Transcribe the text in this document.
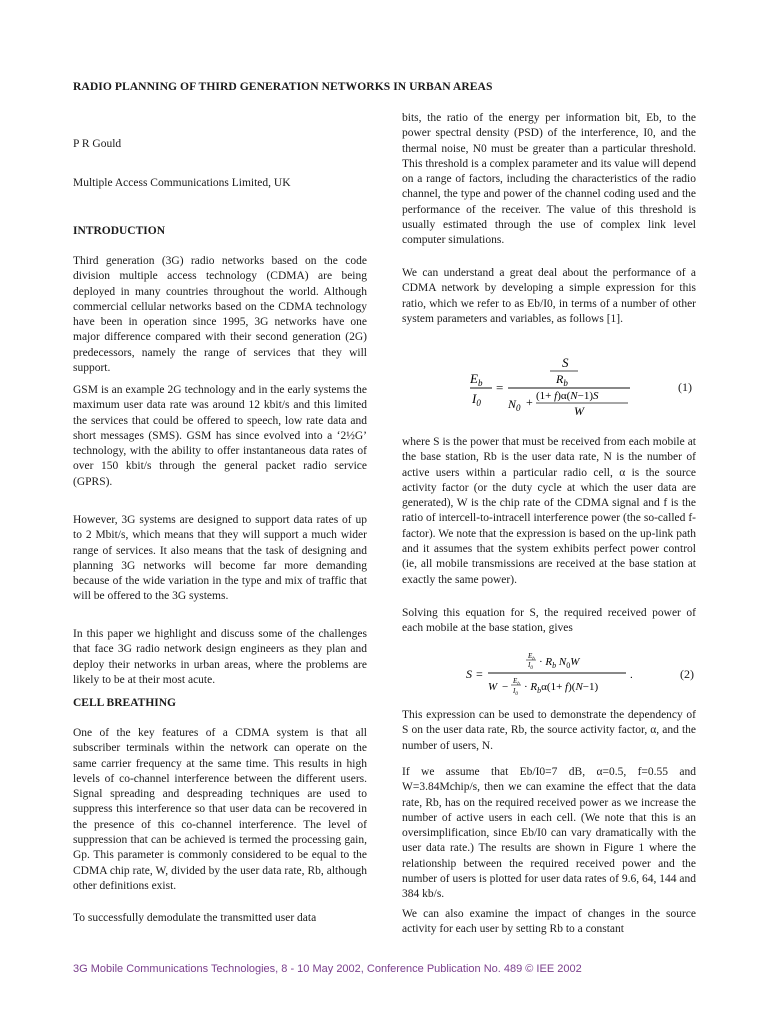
RADIO PLANNING OF THIRD GENERATION NETWORKS IN URBAN AREAS
P R Gould
Multiple Access Communications Limited, UK
INTRODUCTION

Third generation (3G) radio networks based on the code division multiple access technology (CDMA) are being deployed in many countries throughout the world. Although commercial cellular networks based on the CDMA technology have been in operation since 1995, 3G networks have one major difference compared with their second generation (2G) predecessors, namely the range of services that they will support.

GSM is an example 2G technology and in the early systems the maximum user data rate was around 12 kbit/s and this limited the services that could be offered to speech, low rate data and short messages (SMS). GSM has since evolved into a ‘2½G’ technology, with the ability to offer instantaneous data rates of over 150 kbit/s through the general packet radio service (GPRS).

However, 3G systems are designed to support data rates of up to 2 Mbit/s, which means that they will support a much wider range of services. It also means that the task of designing and planning 3G networks will become far more demanding because of the wide variation in the type and mix of traffic that will be offered to the 3G systems.

In this paper we highlight and discuss some of the challenges that face 3G radio network design engineers as they plan and deploy their networks in urban areas, where the problems are likely to be at their most acute.

CELL BREATHING

One of the key features of a CDMA system is that all subscriber terminals within the network can operate on the same carrier frequency at the same time. This results in high levels of co-channel interference between the different users. Signal spreading and despreading techniques are used to suppress this interference so that user data can be recovered in the presence of this co-channel interference. The level of suppression that can be achieved is termed the processing gain, Gp. This parameter is commonly considered to be equal to the CDMA chip rate, W, divided by the user data rate, Rb, although other definitions exist.

To successfully demodulate the transmitted user data

bits, the ratio of the energy per information bit, Eb, to the power spectral density (PSD) of the interference, I0, and the thermal noise, N0 must be greater than a particular threshold. This threshold is a complex parameter and its value will depend on a range of factors, including the characteristics of the radio channel, the type and power of the channel coding used and the performance of the receiver. The value of this threshold is usually estimated through the use of complex link level computer simulations.

We can understand a great deal about the performance of a CDMA network by developing a simple expression for this ratio, which we refer to as Eb/I0, in terms of a number of other system parameters and variables, as follows [1].

$E_b$
$I_0$
=
S
$R_b$
$N_0 + (1+ f)\alpha(N-1)S$
W
(1)

where S is the power that must be received from each mobile at the base station, Rb is the user data rate, N is the number of active users within a particular radio cell, α is the source activity factor (or the duty cycle at which the user data are generated), W is the chip rate of the CDMA signal and f is the ratio of intercell-to-intracell interference power (the so-called f-factor). We note that the expression is based on the up-link path and it assumes that the system exhibits perfect power control (ie, all mobile transmissions are received at the base station at exactly the same power).

Solving this equation for S, the required received power of each mobile at the base station, gives

S =
$E_b$
$I_0$
· $R_b$ $N_0W$
$W - E_b$
$I_0$
· $R_b\alpha(1+ f)(N-1)$
.	(2)

This expression can be used to demonstrate the dependency of S on the user data rate, Rb, the source activity factor, α, and the number of users, N.

If we assume that Eb/I0=7 dB, α=0.5, f=0.55 and W=3.84Mchip/s, then we can examine the effect that the data rate, Rb, has on the required received power as we increase the number of active users in each cell. (We note that this is an oversimplification, since Eb/I0 can vary dramatically with the user data rate.) The results are shown in Figure 1 where the relationship between the required received power and the number of users is plotted for user data rates of 9.6, 64, 144 and 384 kb/s.

We can also examine the impact of changes in the source activity for each user by setting Rb to a constant

3G Mobile Communications Technologies, 8 - 10 May 2002, Conference Publication No. 489 © IEE 2002
